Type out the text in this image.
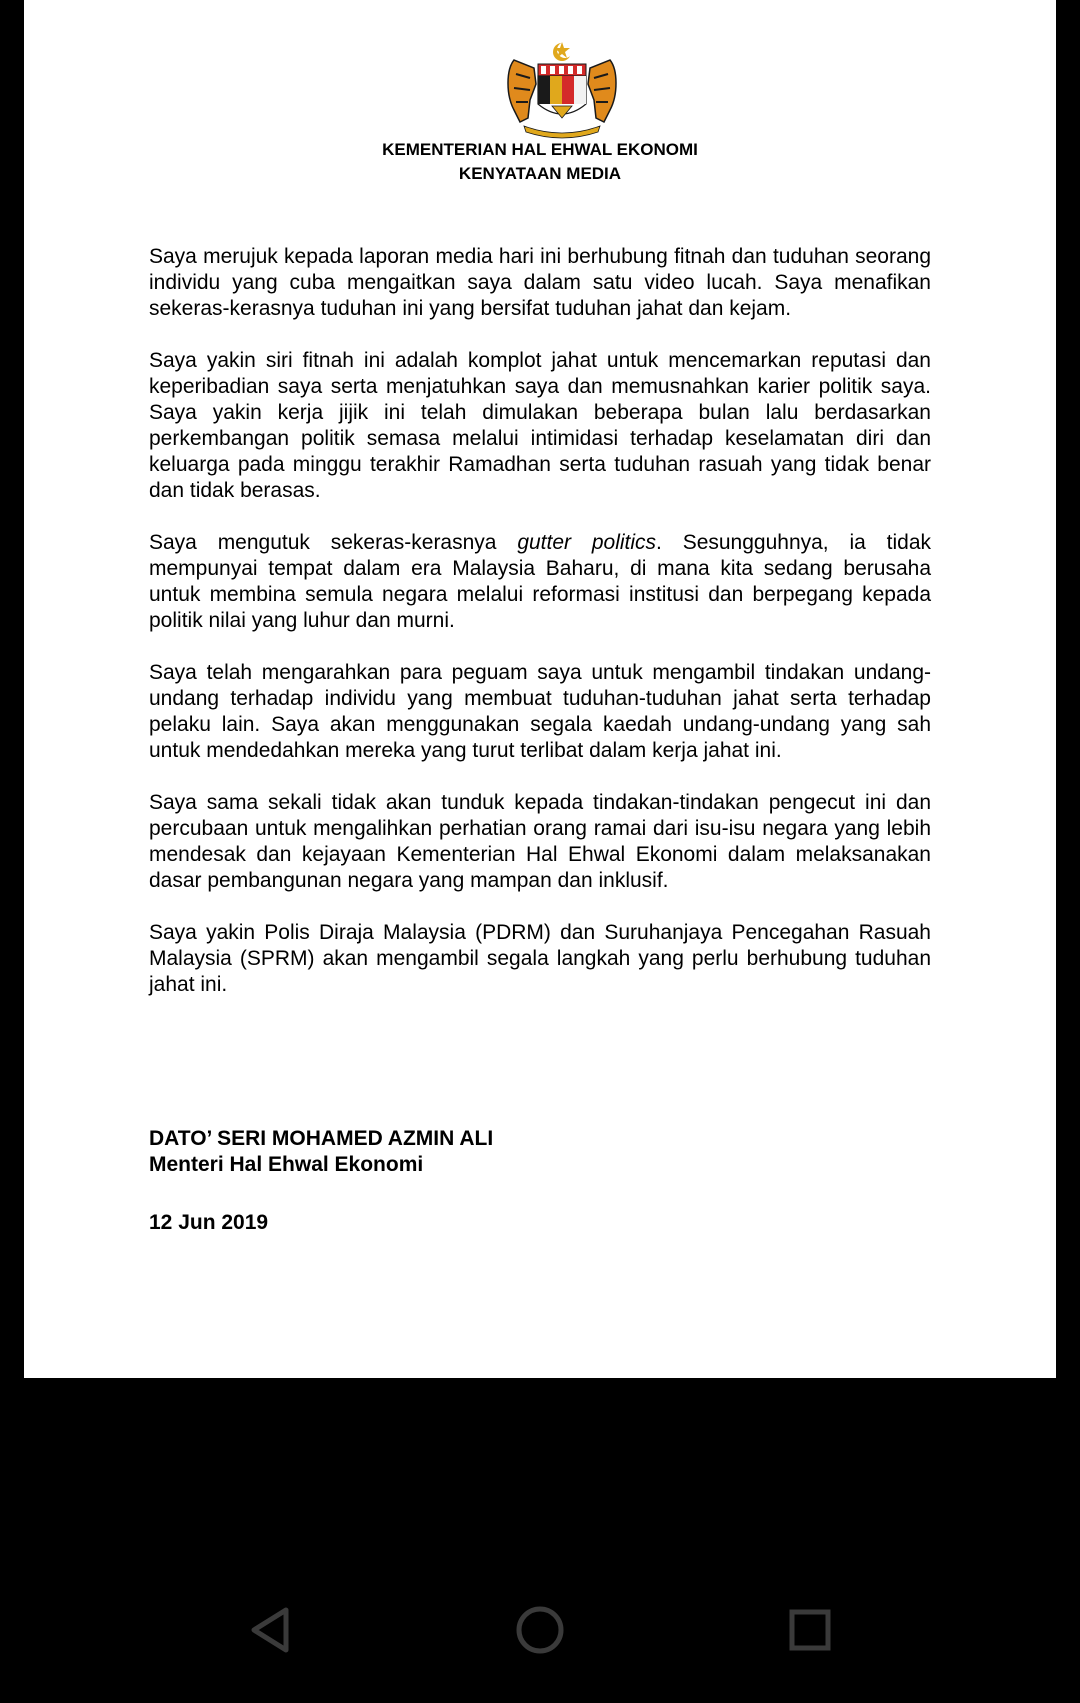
KEMENTERIAN HAL EHWAL EKONOMI
KENYATAAN MEDIA

Saya merujuk kepada laporan media hari ini berhubung fitnah dan tuduhan seorang individu yang cuba mengaitkan saya dalam satu video lucah. Saya menafikan sekeras-kerasnya tuduhan ini yang bersifat tuduhan jahat dan kejam.

Saya yakin siri fitnah ini adalah komplot jahat untuk mencemarkan reputasi dan keperibadian saya serta menjatuhkan saya dan memusnahkan karier politik saya. Saya yakin kerja jijik ini telah dimulakan beberapa bulan lalu berdasarkan perkembangan politik semasa melalui intimidasi terhadap keselamatan diri dan keluarga pada minggu terakhir Ramadhan serta tuduhan rasuah yang tidak benar dan tidak berasas.

Saya mengutuk sekeras-kerasnya gutter politics. Sesungguhnya, ia tidak mempunyai tempat dalam era Malaysia Baharu, di mana kita sedang berusaha untuk membina semula negara melalui reformasi institusi dan berpegang kepada politik nilai yang luhur dan murni.

Saya telah mengarahkan para peguam saya untuk mengambil tindakan undang-undang terhadap individu yang membuat tuduhan-tuduhan jahat serta terhadap pelaku lain. Saya akan menggunakan segala kaedah undang-undang yang sah untuk mendedahkan mereka yang turut terlibat dalam kerja jahat ini.

Saya sama sekali tidak akan tunduk kepada tindakan-tindakan pengecut ini dan percubaan untuk mengalihkan perhatian orang ramai dari isu-isu negara yang lebih mendesak dan kejayaan Kementerian Hal Ehwal Ekonomi dalam melaksanakan dasar pembangunan negara yang mampan dan inklusif.

Saya yakin Polis Diraja Malaysia (PDRM) dan Suruhanjaya Pencegahan Rasuah Malaysia (SPRM) akan mengambil segala langkah yang perlu berhubung tuduhan jahat ini.

DATO’ SERI MOHAMED AZMIN ALI
Menteri Hal Ehwal Ekonomi
12 Jun 2019
